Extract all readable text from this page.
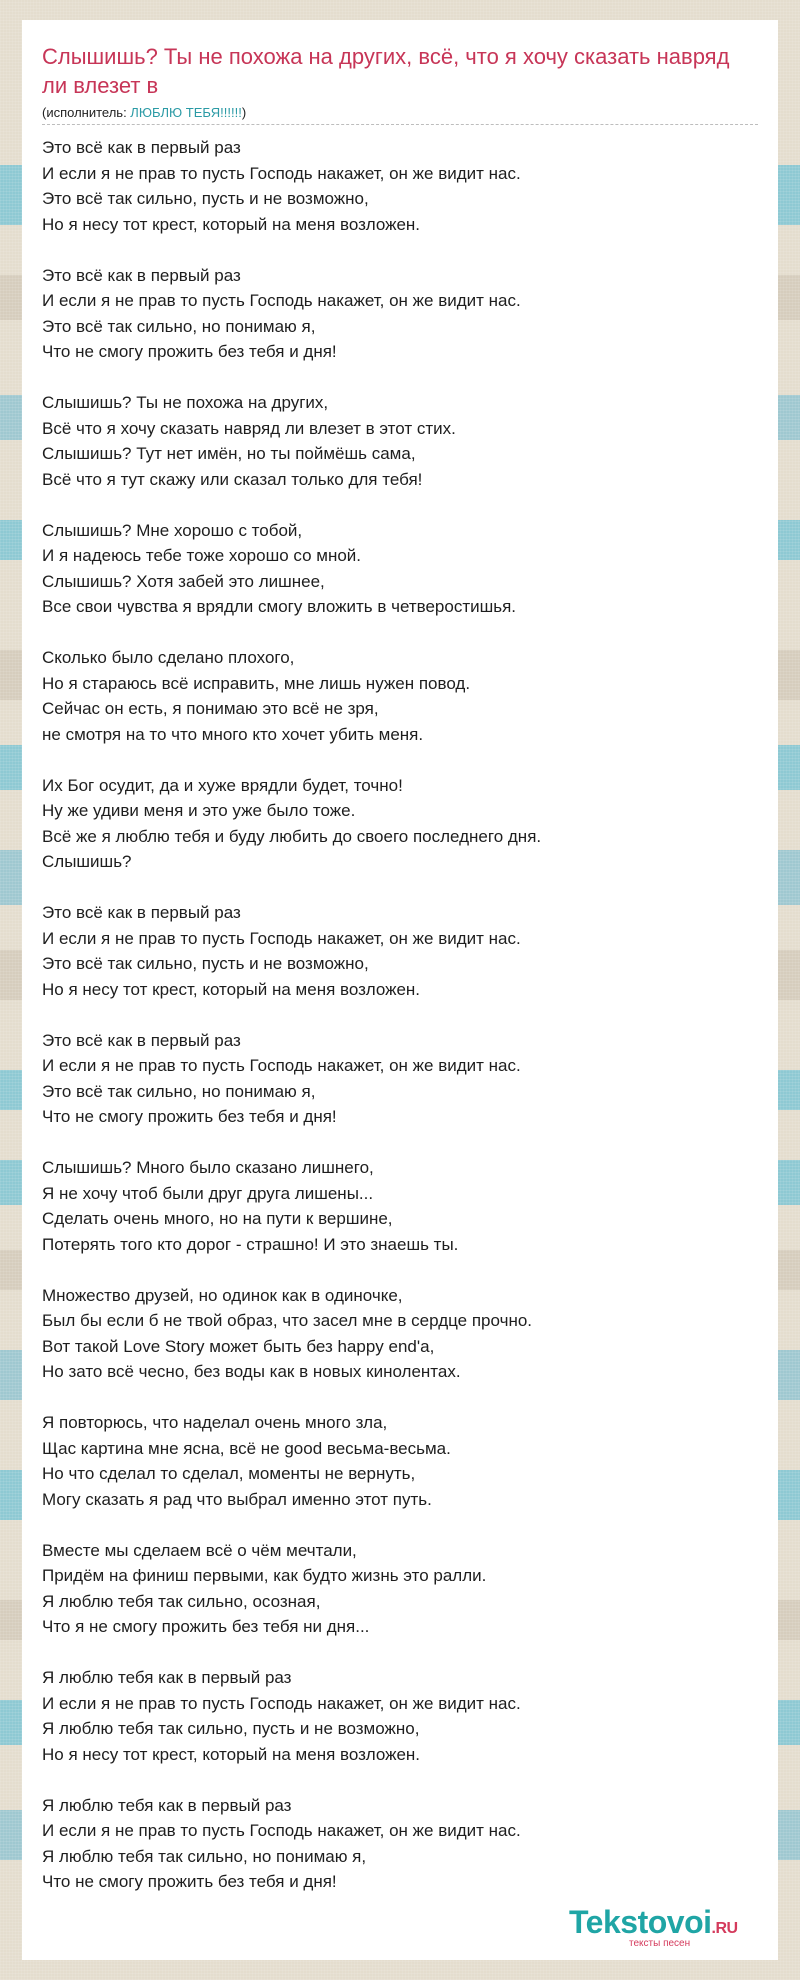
Слышишь? Ты не похожа на других, всё, что я хочу сказать навряд ли влезет в
(исполнитель: ЛЮБЛЮ ТЕБЯ!!!!!!)
Это всё как в первый раз
И если я не прав то пусть Господь накажет, он же видит нас.
Это всё так сильно, пусть и не возможно,
Но я несу тот крест, который на меня возложен.
Это всё как в первый раз
И если я не прав то пусть Господь накажет, он же видит нас.
Это всё так сильно, но понимаю я,
Что не смогу прожить без тебя и дня!
Слышишь? Ты не похожа на других,
Всё что я хочу сказать навряд ли влезет в этот стих.
Слышишь? Тут нет имён, но ты поймёшь сама,
Всё что я тут скажу или сказал только для тебя!
Слышишь? Мне хорошо с тобой,
И я надеюсь тебе тоже хорошо со мной.
Слышишь? Хотя забей это лишнее,
Все свои чувства я врядли смогу вложить в четверостишья.
Сколько было сделано плохого,
Но я стараюсь всё исправить, мне лишь нужен повод.
Сейчас он есть, я понимаю это всё не зря,
не смотря на то что много кто хочет убить меня.
Их Бог осудит, да и хуже врядли будет, точно!
Ну же удиви меня и это уже было тоже.
Всё же я люблю тебя и буду любить до своего последнего дня.
Слышишь?
Это всё как в первый раз
И если я не прав то пусть Господь накажет, он же видит нас.
Это всё так сильно, пусть и не возможно,
Но я несу тот крест, который на меня возложен.
Это всё как в первый раз
И если я не прав то пусть Господь накажет, он же видит нас.
Это всё так сильно, но понимаю я,
Что не смогу прожить без тебя и дня!
Слышишь? Много было сказано лишнего,
Я не хочу чтоб были друг друга лишены...
Сделать очень много, но на пути к вершине,
Потерять того кто дорог - страшно! И это знаешь ты.
Множество друзей, но одинок как в одиночке,
Был бы если б не твой образ, что засел мне в сердце прочно.
Вот такой Love Story может быть без happy end'a,
Но зато всё чесно, без воды как в новых кинолентах.
Я повторюсь, что наделал очень много зла,
Щас картина мне ясна, всё не good весьма-весьма.
Но что сделал то сделал, моменты не вернуть,
Могу сказать я рад что выбрал именно этот путь.
Вместе мы сделаем всё о чём мечтали,
Придём на финиш первыми, как будто жизнь это ралли.
Я люблю тебя так сильно, осозная,
Что я не смогу прожить без тебя ни дня...
Я люблю тебя как в первый раз
И если я не прав то пусть Господь накажет, он же видит нас.
Я люблю тебя так сильно, пусть и не возможно,
Но я несу тот крест, который на меня возложен.
Я люблю тебя как в первый раз
И если я не прав то пусть Господь накажет, он же видит нас.
Я люблю тебя так сильно, но понимаю я,
Что не смогу прожить без тебя и дня!
Tekstovoi.RU
тексты песен
